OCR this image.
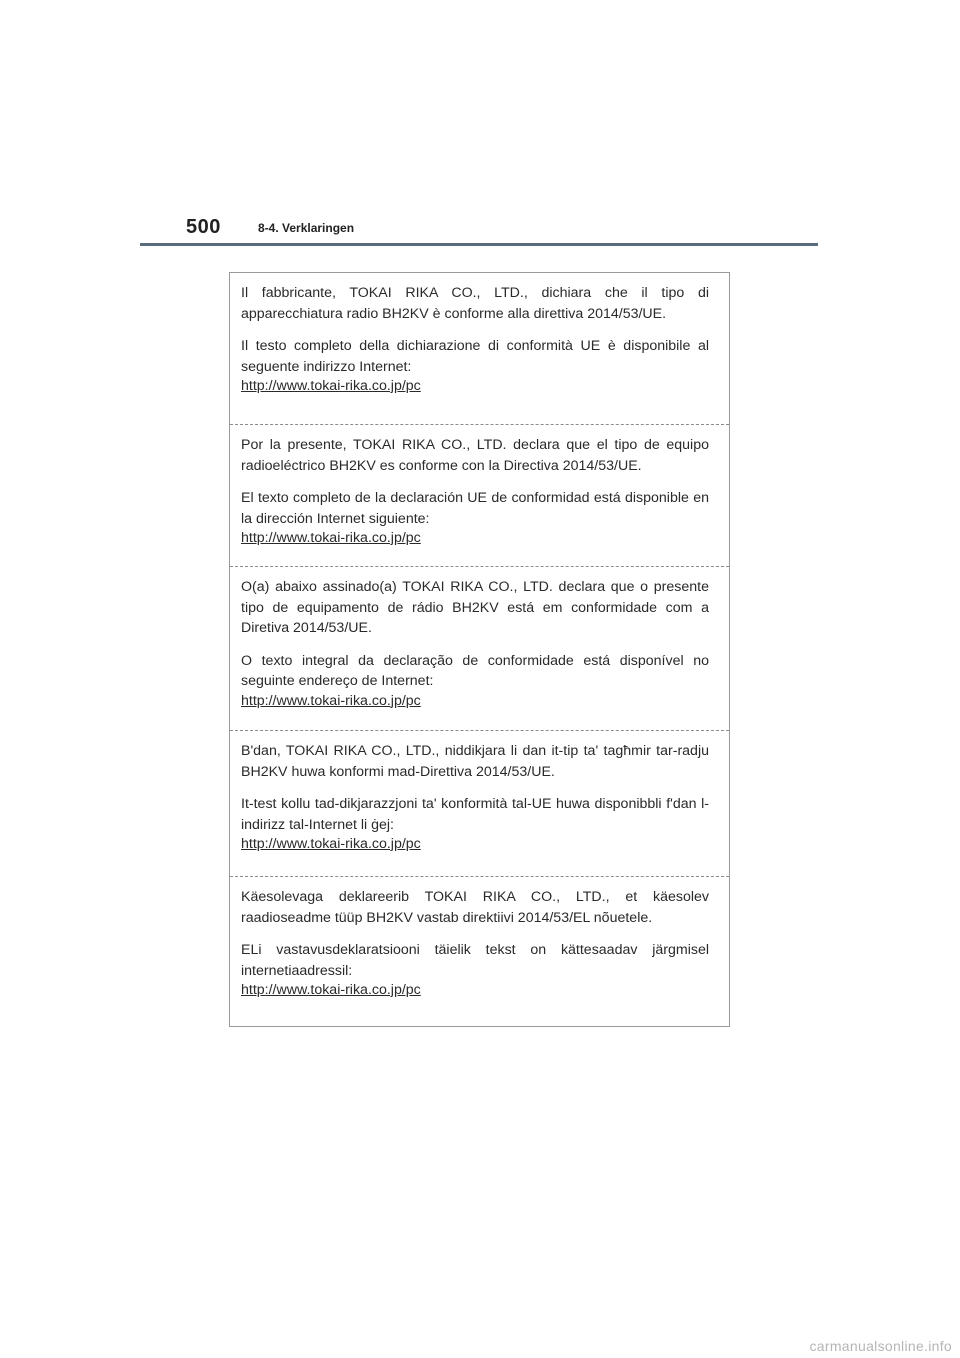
500	8-4. Verklaringen

Il fabbricante, TOKAI RIKA CO., LTD., dichiara che il tipo di apparecchiatura radio BH2KV è conforme alla direttiva 2014/53/UE.

Il testo completo della dichiarazione di conformità UE è disponibile al seguente indirizzo Internet:

http://www.tokai-rika.co.jp/pc

Por la presente, TOKAI RIKA CO., LTD. declara que el tipo de equipo radioeléctrico BH2KV es conforme con la Directiva 2014/53/UE.

El texto completo de la declaración UE de conformidad está disponible en la dirección Internet siguiente:

http://www.tokai-rika.co.jp/pc

O(a) abaixo assinado(a) TOKAI RIKA CO., LTD. declara que o presente tipo de equipamento de rádio BH2KV está em conformidade com a Diretiva 2014/53/UE.

O texto integral da declaração de conformidade está disponível no seguinte endereço de Internet:

http://www.tokai-rika.co.jp/pc

B'dan, TOKAI RIKA CO., LTD., niddikjara li dan it-tip ta' tagħmir tar-radju BH2KV huwa konformi mad-Direttiva 2014/53/UE.

It-test kollu tad-dikjarazzjoni ta' konformità tal-UE huwa disponibbli f'dan l-indirizz tal-Internet li ġej:

http://www.tokai-rika.co.jp/pc

Käesolevaga deklareerib TOKAI RIKA CO., LTD., et käesolev raadioseadme tüüp BH2KV vastab direktiivi 2014/53/EL nõuetele.

ELi vastavusdeklaratsiooni täielik tekst on kättesaadav järgmisel internetiaadressil:

http://www.tokai-rika.co.jp/pc
carmanualsonline.info
